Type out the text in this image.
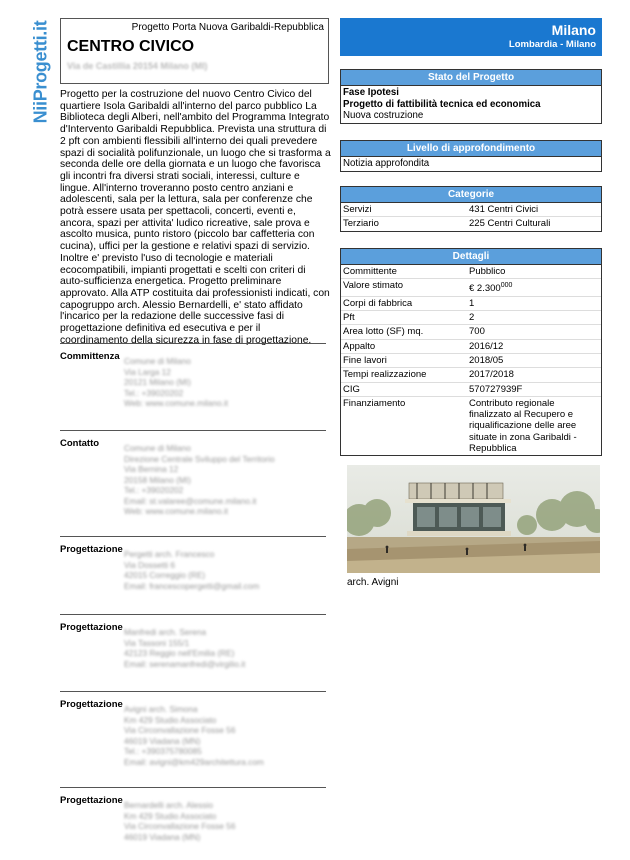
NiiProgetti.it	Progetto Porta Nuova Garibaldi-Repubblica
CENTRO CIVICO
Via de Castillia 20154 Milano (MI)
Progetto per la costruzione del nuovo Centro Civico del quartiere Isola Garibaldi all'interno del parco pubblico La Biblioteca degli Alberi, nell'ambito del Programma Integrato d'Intervento Garibaldi Repubblica. Prevista una struttura di 2 pft con ambienti flessibili all'interno dei quali prevedere spazi di socialità polifunzionale, un luogo che si trasforma a seconda delle ore della giornata e un luogo che favorisca gli incontri fra diversi strati sociali, interessi, culture e lingue. All'interno troveranno posto centro anziani e adolescenti, sala per la lettura, sala per conferenze che potrà essere usata per spettacoli, concerti, eventi e, ancora, spazi per attivita' ludico ricreative, sale prova e ascolto musica, punto ristoro (piccolo bar caffetteria con cucina), uffici per la gestione e relativi spazi di servizio. Inoltre e' previsto l'uso di tecnologie e materiali ecocompatibili, impianti progettati e scelti con criteri di auto-sufficienza energetica. Progetto preliminare approvato. Alla ATP costituita dai professionisti indicati, con capogruppo arch. Alessio Bernardelli, e' stato affidato l'incarico per la redazione delle successive fasi di progettazione definitiva ed esecutiva e per il coordinamento della sicurezza in fase di progettazione.
Committenza Comune di Milano
Via Larga 12
20121 Milano (MI)
Tel.: +39020202
Web: www.comune.milano.it
Contatto	Comune di Milano
Direzione Centrale Sviluppo del Territorio
Via Bernina 12
20158 Milano (MI)
Tel.: +39020202
Email: st.valaree@comune.milano.it
Web: www.comune.milano.it
Progettazione Pergetti arch. Francesco
Via Dossetti 6
42015 Correggio (RE)
Email: francescopergetti@gmail.com
Progettazione Manfredi arch. Serena
Via Tassoni 155/1
42123 Reggio nell'Emilia (RE)
Email: serenamanfredi@virgilio.it
Progettazione Avigni arch. Simona
Km 429 Studio Associato
Via Circonvallazione Fosse 56
46019 Viadana (MN)
Tel.: +390375780085
Email: avigni@km429architettura.com
Progettazione Bernardelli arch. Alessio
Km 429 Studio Associato
Via Circonvallazione Fosse 56
46019 Viadana (MN)
Milano
Lombardia - Milano
Stato del Progetto
Fase Ipotesi
Progetto di fattibilità tecnica ed economica
Nuova costruzione
Livello di approfondimento
Notizia approfondita
Categorie
Servizi	431 Centri Civici
Terziario	225 Centri Culturali
Dettagli
Committente	Pubblico
Valore stimato	€ 2.300$^{000}$
Corpi di fabbrica	1
Pft	2
Area lotto (SF) mq.	700
Appalto	2016/12
Fine lavori	2018/05
Tempi realizzazione	2017/2018
CIG	570727939F
Finanziamento	Contributo regionale finalizzato al Recupero e riqualificazione delle aree situate in zona Garibaldi - Repubblica
arch. Avigni
